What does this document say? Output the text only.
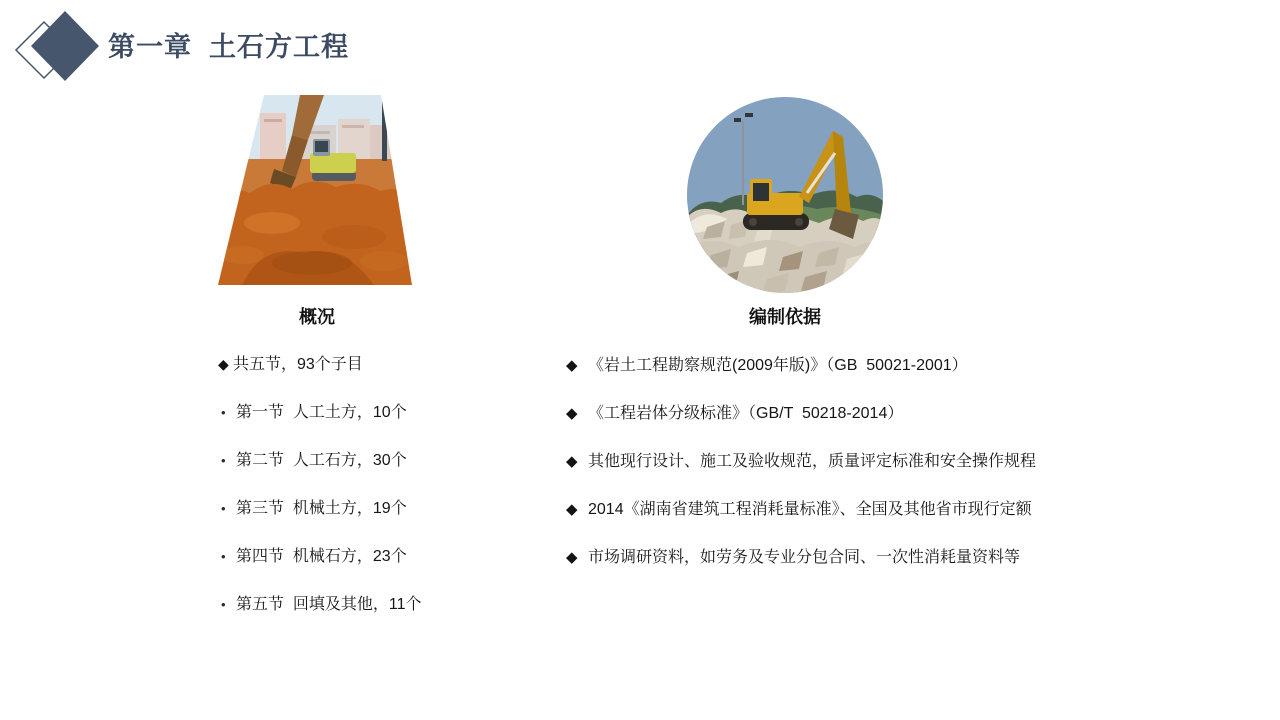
第一章  土石方工程
概况	编制依据
◆ 共五节，93个子目
• 第一节  人工土方，10个
• 第二节  人工石方，30个
• 第三节  机械土方，19个
• 第四节  机械石方，23个
• 第五节  回填及其他，11个
◆ 《岩土工程勘察规范(2009年版)》（GB  50021-2001）
◆ 《工程岩体分级标准》（GB/T  50218-2014）
◆ 其他现行设计、施工及验收规范，质量评定标准和安全操作规程
◆ 2014《湖南省建筑工程消耗量标准》、全国及其他省市现行定额
◆ 市场调研资料，如劳务及专业分包合同、一次性消耗量资料等
